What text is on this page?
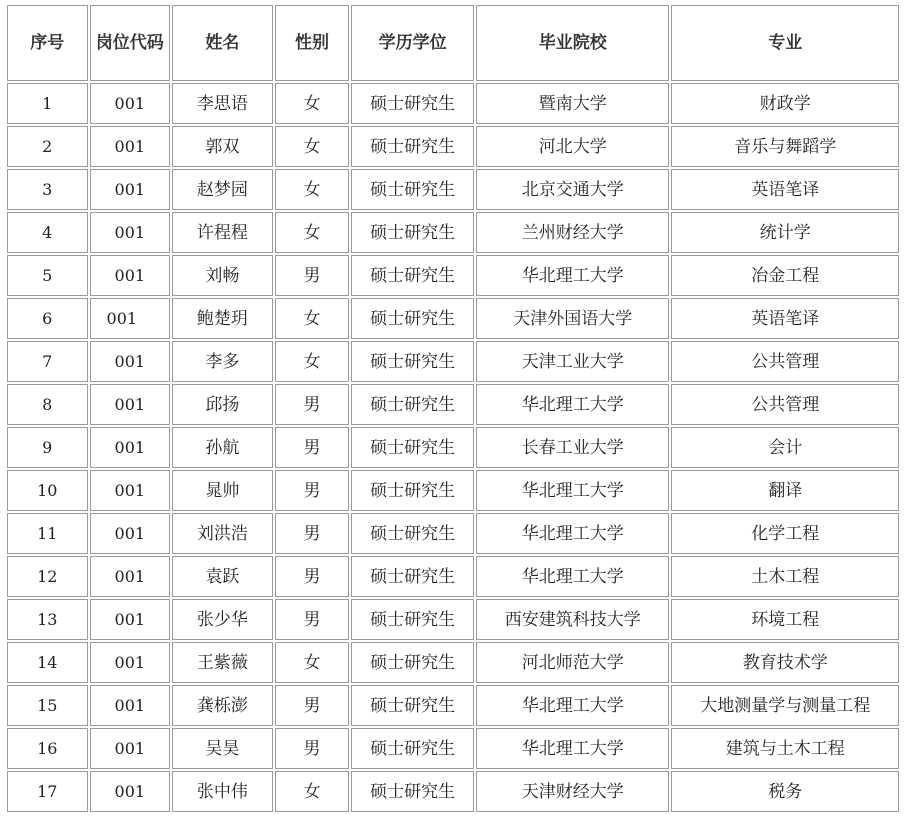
序号	岗位代码	姓名	性别	学历学位	毕业院校	专业
1	001	李思语	女	硕士研究生	暨南大学	财政学
2	001	郭双	女	硕士研究生	河北大学	音乐与舞蹈学
3	001	赵梦园	女	硕士研究生	北京交通大学	英语笔译
4	001	许程程	女	硕士研究生	兰州财经大学	统计学
5	001	刘畅	男	硕士研究生	华北理工大学	冶金工程
6	001	鲍楚玥	女	硕士研究生	天津外国语大学	英语笔译
7	001	李多	女	硕士研究生	天津工业大学	公共管理
8	001	邱扬	男	硕士研究生	华北理工大学	公共管理
9	001	孙航	男	硕士研究生	长春工业大学	会计
10	001	晁帅	男	硕士研究生	华北理工大学	翻译
11	001	刘洪浩	男	硕士研究生	华北理工大学	化学工程
12	001	袁跃	男	硕士研究生	华北理工大学	土木工程
13	001	张少华	男	硕士研究生	西安建筑科技大学	环境工程
14	001	王紫薇	女	硕士研究生	河北师范大学	教育技术学
15	001	龚栎澎	男	硕士研究生	华北理工大学	大地测量学与测量工程
16	001	吴昊	男	硕士研究生	华北理工大学	建筑与土木工程
17	001	张中伟	女	硕士研究生	天津财经大学	税务
